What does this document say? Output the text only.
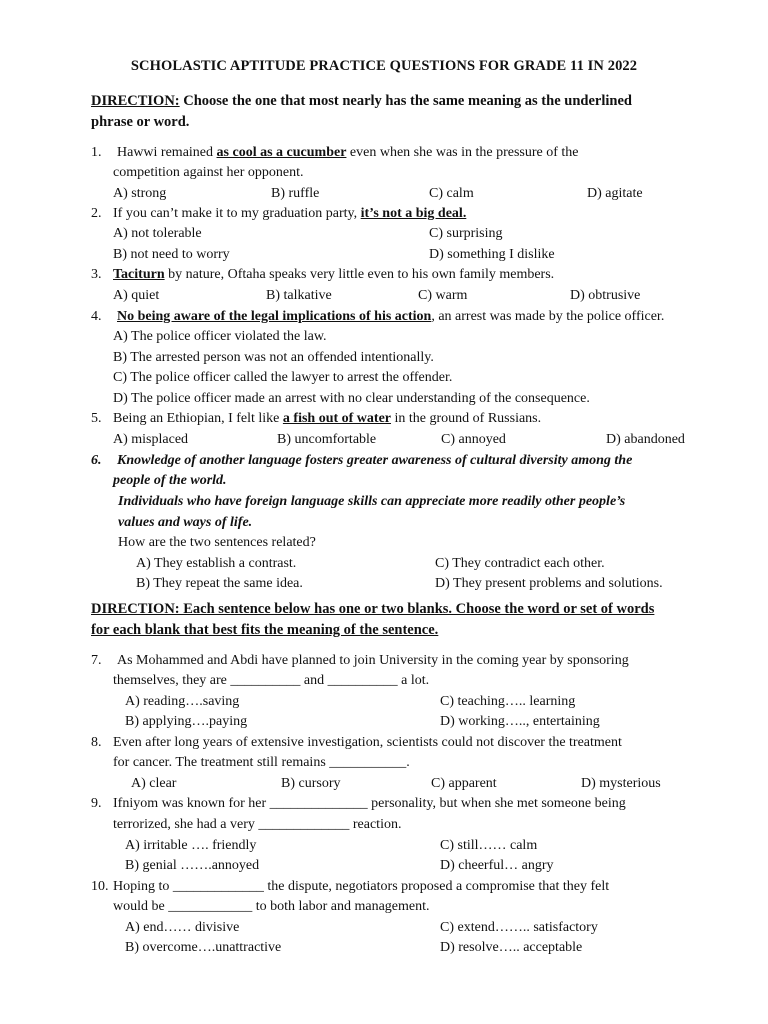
SCHOLASTIC APTITUDE PRACTICE QUESTIONS FOR GRADE 11 IN 2022
DIRECTION: Choose the one that most nearly has the same meaning as the underlined
phrase or word.
1. Hawwi remained as cool as a cucumber even when she was in the pressure of the
competition against her opponent.
A) strong	B) ruffle	C) calm	D) agitate
2. If you can’t make it to my graduation party, it’s not a big deal.
A) not tolerable	C) surprising
B) not need to worry	D) something I dislike
3. Taciturn by nature, Oftaha speaks very little even to his own family members.
A) quiet	B) talkative	C) warm	D) obtrusive
4. No being aware of the legal implications of his action, an arrest was made by the police officer.
A) The police officer violated the law.
B) The arrested person was not an offended intentionally.
C) The police officer called the lawyer to arrest the offender.
D) The police officer made an arrest with no clear understanding of the consequence.
5. Being an Ethiopian, I felt like a fish out of water in the ground of Russians.
A) misplaced	B) uncomfortable	C) annoyed	D) abandoned
6. Knowledge of another language fosters greater awareness of cultural diversity among the
people of the world.
Individuals who have foreign language skills can appreciate more readily other people’s
values and ways of life.
How are the two sentences related?
A) They establish a contrast.	C) They contradict each other.
B) They repeat the same idea.	D) They present problems and solutions.
DIRECTION: Each sentence below has one or two blanks. Choose the word or set of words
for each blank that best fits the meaning of the sentence.
7. As Mohammed and Abdi have planned to join University in the coming year by sponsoring
themselves, they are __________ and __________ a lot.
A) reading….saving	C) teaching….. learning
B) applying….paying	D) working….., entertaining
8. Even after long years of extensive investigation, scientists could not discover the treatment
for cancer. The treatment still remains ___________.
A) clear	B) cursory	C) apparent	D) mysterious
9. Ifniyom was known for her ______________ personality, but when she met someone being
terrorized, she had a very _____________ reaction.
A) irritable …. friendly	C) still…… calm
B) genial …….annoyed	D) cheerful… angry
10. Hoping to _____________ the dispute, negotiators proposed a compromise that they felt
would be ____________ to both labor and management.
A) end…… divisive	C) extend…….. satisfactory
B) overcome….unattractive	D) resolve….. acceptable
